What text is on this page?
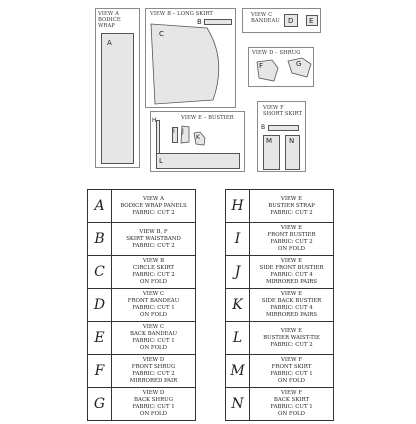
VIEW A
BODICE WRAP
A
VIEW B – LONG SKIRT
B
C
VIEW C
BANDEAU D E
VIEW D – SHRUG
F	G
VIEW E – BUSTIER
H
I J
K
L
VIEW F
SHORT SKIRT
B
M N
A	VIEW A
BODICE WRAP PANELS
FABRIC: CUT 2

B	VIEW B, F
SKIRT WAISTBAND
FABRIC: CUT 2

C	VIEW B
CIRCLE SKIRT
FABRIC: CUT 2
ON FOLD

D	VIEW C
FRONT BANDEAU
FABRIC: CUT 1
ON FOLD

E	VIEW C
BACK BANDEAU
FABRIC: CUT 1
ON FOLD

F	VIEW D
FRONT SHRUG
FABRIC: CUT 2
MIRRORED PAIR

G	VIEW D
BACK SHRUG
FABRIC: CUT 1
ON FOLD
H	VIEW E
BUSTIER STRAP
FABRIC: CUT 2

I	VIEW E
FRONT BUSTIER
FABRIC: CUT 2
ON FOLD

J	VIEW E
SIDE FRONT BUSTIER
FABRIC: CUT 4
MIRRORED PAIRS

K	VIEW E
SIDE BACK BUSTIER
FABRIC: CUT 4
MIRRORED PAIRS

L	VIEW E
BUSTIER WAIST-TIE
FABRIC: CUT 2

M	VIEW F
FRONT SKIRT
FABRIC: CUT 1
ON FOLD

N	VIEW F
BACK SKIRT
FABRIC: CUT 1
ON FOLD
